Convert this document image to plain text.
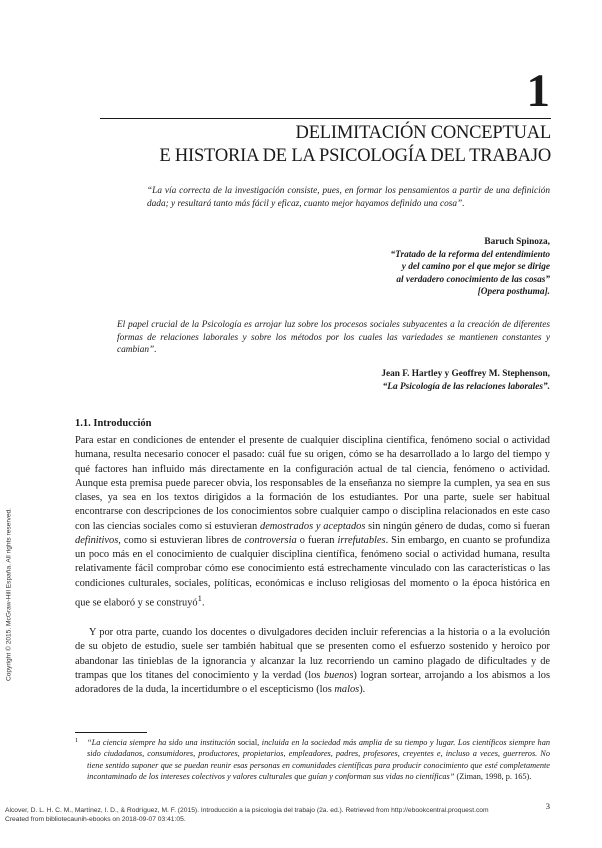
1
DELIMITACIÓN CONCEPTUAL
E HISTORIA DE LA PSICOLOGÍA DEL TRABAJO
“La vía correcta de la investigación consiste, pues, en formar los pensamientos a partir de una definición dada; y resultará tanto más fácil y eficaz, cuanto mejor hayamos definido una cosa”.
Baruch Spinoza,
“Tratado de la reforma del entendimiento
y del camino por el que mejor se dirige
al verdadero conocimiento de las cosas”
[Opera posthuma].
El papel crucial de la Psicología es arrojar luz sobre los procesos sociales subyacentes a la creación de diferentes formas de relaciones laborales y sobre los métodos por los cuales las variedades se mantienen constantes y cambian”.
Jean F. Hartley y Geoffrey M. Stephenson,
“La Psicología de las relaciones laborales”.
1.1. Introducción
Para estar en condiciones de entender el presente de cualquier disciplina científica, fenómeno social o actividad humana, resulta necesario conocer el pasado: cuál fue su origen, cómo se ha desarrollado a lo largo del tiempo y qué factores han influido más directamente en la configuración actual de tal ciencia, fenómeno o actividad. Aunque esta premisa puede parecer obvia, los responsables de la enseñanza no siempre la cumplen, ya sea en sus clases, ya sea en los textos dirigidos a la formación de los estudiantes. Por una parte, suele ser habitual encontrarse con descripciones de los conocimientos sobre cualquier campo o disciplina relacionados en este caso con las ciencias sociales como si estuvieran demostrados y aceptados sin ningún género de dudas, como si fueran definitivos, como si estuvieran libres de controversia o fueran irrefutables. Sin embargo, en cuanto se profundiza un poco más en el conocimiento de cualquier disciplina científica, fenómeno social o actividad humana, resulta relativamente fácil comprobar cómo ese conocimiento está estrechamente vinculado con las características o las condiciones culturales, sociales, políticas, económicas e incluso religiosas del momento o la época histórica en que se elaboró y se construyó$^1$.
Y por otra parte, cuando los docentes o divulgadores deciden incluir referencias a la historia o a la evolución de su objeto de estudio, suele ser también habitual que se presenten como el esfuerzo sostenido y heroico por abandonar las tinieblas de la ignorancia y alcanzar la luz recorriendo un camino plagado de dificultades y de trampas que los titanes del conocimiento y la verdad (los buenos) logran sortear, arrojando a los abismos a los adoradores de la duda, la incertidumbre o el escepticismo (los malos).
1 “La ciencia siempre ha sido una institución social, incluida en la sociedad más amplia de su tiempo y lugar. Los científicos siempre han sido ciudadanos, consumidores, productores, propietarios, empleadores, padres, profesores, creyentes e, incluso a veces, guerreros. No tiene sentido suponer que se puedan reunir esas personas en comunidades científicas para producir conocimiento que esté completamente incontaminado de los intereses colectivos y valores culturales que guían y conforman sus vidas no científicas” (Ziman, 1998, p. 165).
Copyright © 2015. McGraw-Hill España. All rights reserved.
3
Alcover, D. L. H. C. M., Martínez, I. D., & Rodríguez, M. F. (2015). Introducción a la psicología del trabajo (2a. ed.). Retrieved from http://ebookcentral.proquest.com
Created from bibliotecaunih-ebooks on 2018-09-07 03:41:05.
